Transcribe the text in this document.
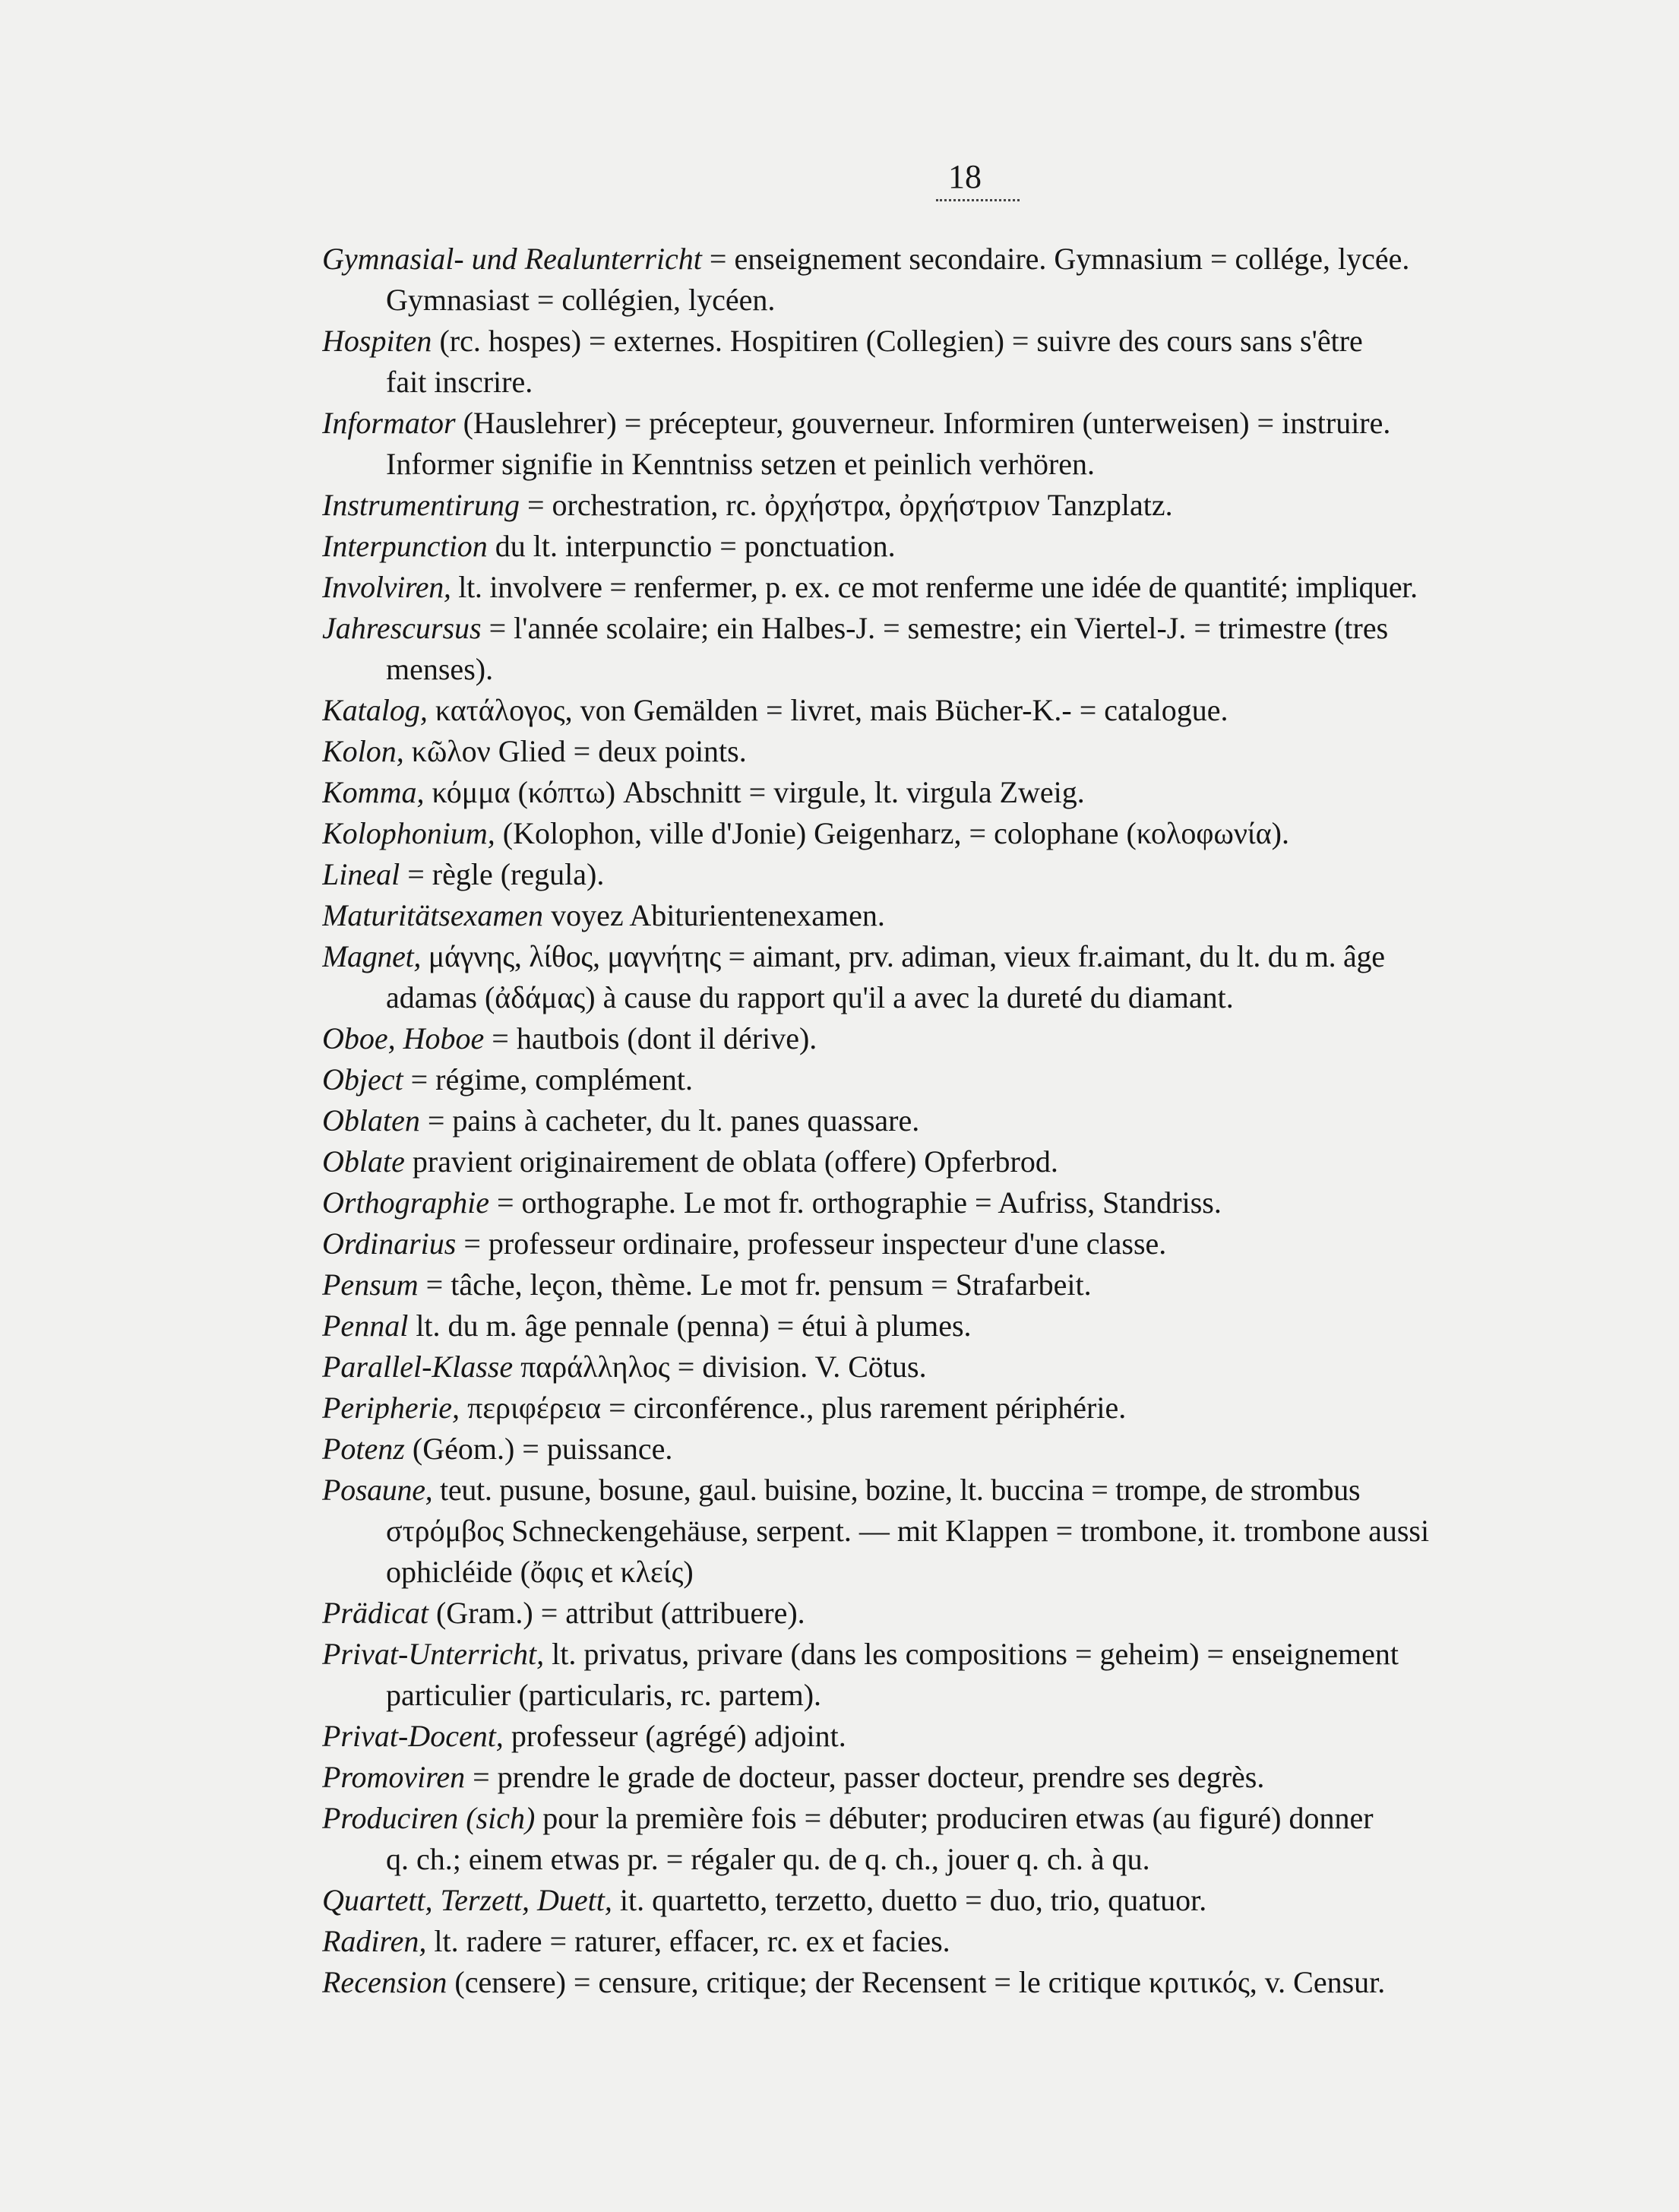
18
Gymnasial- und Realunterricht = enseignement secondaire. Gymnasium = collége, lycée.
Gymnasiast = collégien, lycéen.
Hospiten (rc. hospes) = externes. Hospitiren (Collegien) = suivre des cours sans s'être
fait inscrire.
Informator (Hauslehrer) = précepteur, gouverneur. Informiren (unterweisen) = instruire.
Informer signifie in Kenntniss setzen et peinlich verhören.
Instrumentirung = orchestration, rc. ὀρχήστρα, ὀρχήστριον Tanzplatz.
Interpunction du lt. interpunctio = ponctuation.
Involviren, lt. involvere = renfermer, p. ex. ce mot renferme une idée de quantité; impliquer.
Jahrescursus = l'année scolaire; ein Halbes-J. = semestre; ein Viertel-J. = trimestre (tres
menses).
Katalog, κατάλογος, von Gemälden = livret, mais Bücher-K.- = catalogue.
Kolon, κῶλον Glied = deux points.
Komma, κόμμα (κόπτω) Abschnitt = virgule, lt. virgula Zweig.
Kolophonium, (Kolophon, ville d'Jonie) Geigenharz, = colophane (κολοφωνία).
Lineal = règle (regula).
Maturitätsexamen voyez Abiturientenexamen.
Magnet, μάγνης, λίθος, μαγνήτης = aimant, prv. adiman, vieux fr.aimant, du lt. du m. âge
adamas (ἀδάμας) à cause du rapport qu'il a avec la dureté du diamant.
Oboe, Hoboe = hautbois (dont il dérive).
Object = régime, complément.
Oblaten = pains à cacheter, du lt. panes quassare.
Oblate pravient originairement de oblata (offere) Opferbrod.
Orthographie = orthographe. Le mot fr. orthographie = Aufriss, Standriss.
Ordinarius = professeur ordinaire, professeur inspecteur d'une classe.
Pensum = tâche, leçon, thème. Le mot fr. pensum = Strafarbeit.
Pennal lt. du m. âge pennale (penna) = étui à plumes.
Parallel-Klasse παράλληλος = division. V. Cötus.
Peripherie, περιφέρεια = circonférence., plus rarement périphérie.
Potenz (Géom.) = puissance.
Posaune, teut. pusune, bosune, gaul. buisine, bozine, lt. buccina = trompe, de strombus
στρόμβος Schneckengehäuse, serpent. — mit Klappen = trombone, it. trombone aussi
ophicléide (ὄφις et κλείς)
Prädicat (Gram.) = attribut (attribuere).
Privat-Unterricht, lt. privatus, privare (dans les compositions = geheim) = enseignement
particulier (particularis, rc. partem).
Privat-Docent, professeur (agrégé) adjoint.
Promoviren = prendre le grade de docteur, passer docteur, prendre ses degrès.
Produciren (sich) pour la première fois = débuter; produciren etwas (au figuré) donner
q. ch.; einem etwas pr. = régaler qu. de q. ch., jouer q. ch. à qu.
Quartett, Terzett, Duett, it. quartetto, terzetto, duetto = duo, trio, quatuor.
Radiren, lt. radere = raturer, effacer, rc. ex et facies.
Recension (censere) = censure, critique; der Recensent = le critique κριτικός, v. Censur.
